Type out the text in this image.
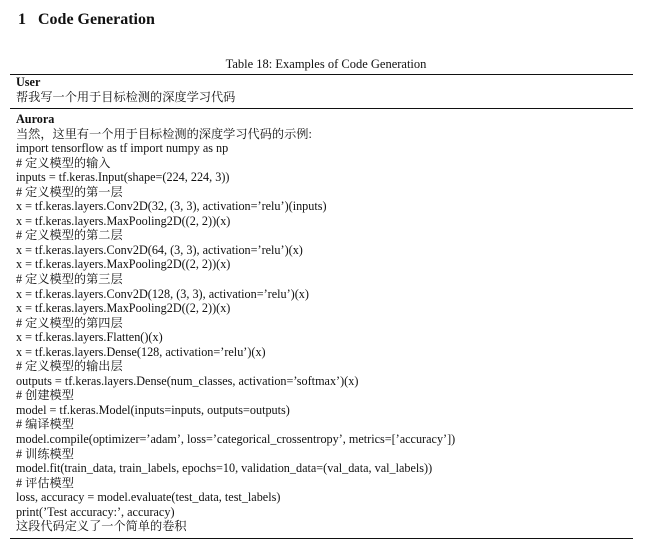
1 Code Generation
Table 18: Examples of Code Generation
User
帮我写一个用于目标检测的深度学习代码
Aurora
当然，这里有一个用于目标检测的深度学习代码的示例:
import tensorflow as tf import numpy as np
# 定义模型的输入
inputs = tf.keras.Input(shape=(224, 224, 3))
# 定义模型的第一层
x = tf.keras.layers.Conv2D(32, (3, 3), activation=’relu’)(inputs)
x = tf.keras.layers.MaxPooling2D((2, 2))(x)
# 定义模型的第二层
x = tf.keras.layers.Conv2D(64, (3, 3), activation=’relu’)(x)
x = tf.keras.layers.MaxPooling2D((2, 2))(x)
# 定义模型的第三层
x = tf.keras.layers.Conv2D(128, (3, 3), activation=’relu’)(x)
x = tf.keras.layers.MaxPooling2D((2, 2))(x)
# 定义模型的第四层
x = tf.keras.layers.Flatten()(x)
x = tf.keras.layers.Dense(128, activation=’relu’)(x)
# 定义模型的输出层
outputs = tf.keras.layers.Dense(num_classes, activation=’softmax’)(x)
# 创建模型
model = tf.keras.Model(inputs=inputs, outputs=outputs)
# 编译模型
model.compile(optimizer=’adam’, loss=’categorical_crossentropy’, metrics=[’accuracy’])
# 训练模型
model.fit(train_data, train_labels, epochs=10, validation_data=(val_data, val_labels))
# 评估模型
loss, accuracy = model.evaluate(test_data, test_labels)
print(’Test accuracy:’, accuracy)
这段代码定义了一个简单的卷积
